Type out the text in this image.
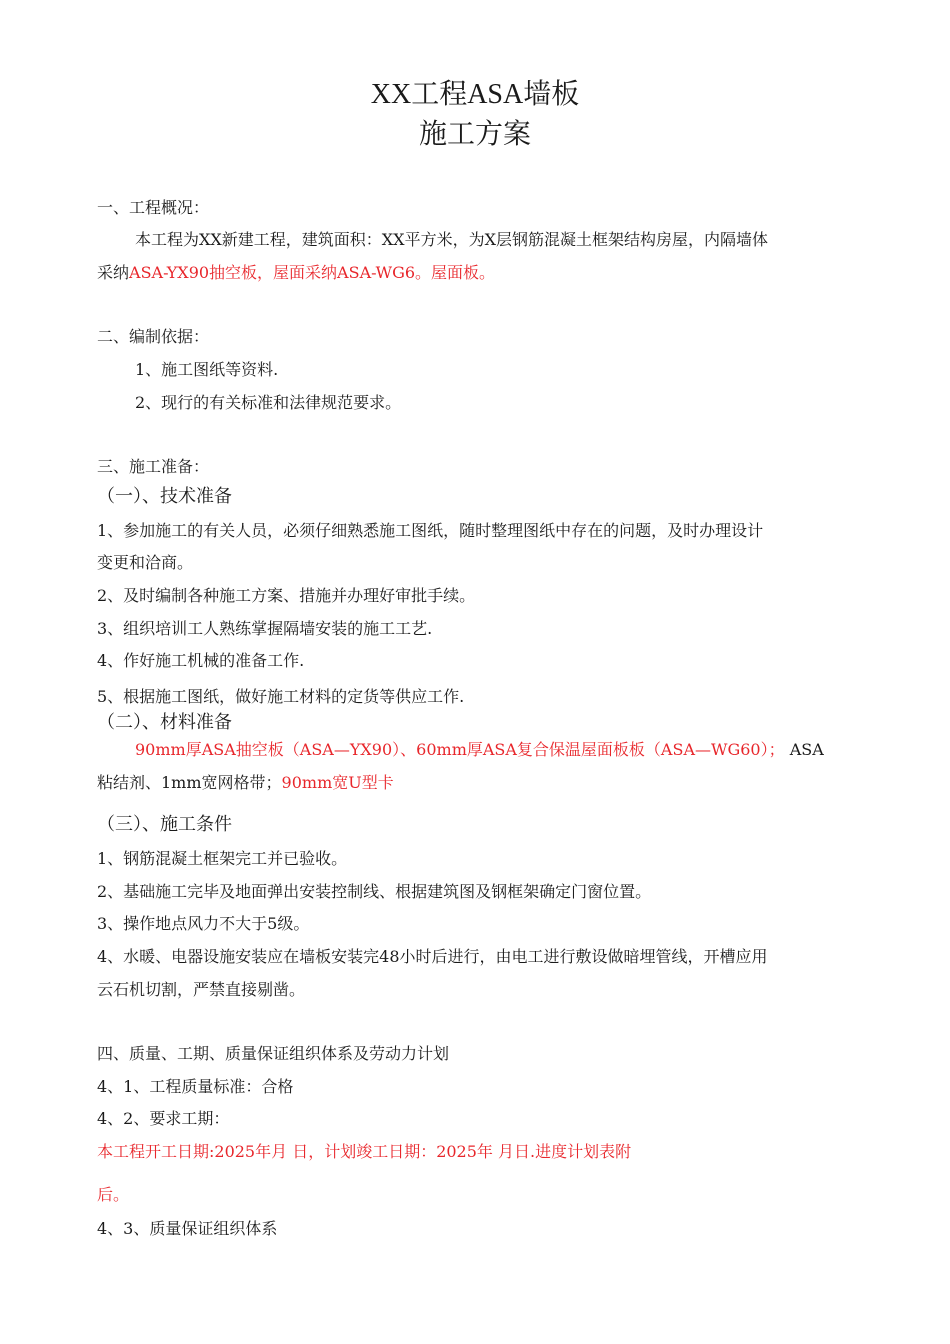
XX工程ASA墙板
施工方案
一、工程概况：
本工程为XX新建工程，建筑面积：XX平方米，为X层钢筋混凝土框架结构房屋，内隔墙体
采纳ASA-YX90抽空板，屋面采纳ASA-WG6。屋面板。
二、编制依据：
1、施工图纸等资料.
2、现行的有关标准和法律规范要求。
三、施工准备：
（一）、技术准备
1、参加施工的有关人员，必须仔细熟悉施工图纸，随时整理图纸中存在的问题，及时办理设计
变更和洽商。
2、及时编制各种施工方案、措施并办理好审批手续。
3、组织培训工人熟练掌握隔墙安装的施工工艺.
4、作好施工机械的准备工作.
5、根据施工图纸，做好施工材料的定货等供应工作.
（二）、材料准备
90mm厚ASA抽空板（ASA—YX90）、60mm厚ASA复合保温屋面板板（ASA—WG60）； ASA
粘结剂、1mm宽网格带；90mm宽U型卡
（三）、施工条件
1、钢筋混凝土框架完工并已验收。
2、基础施工完毕及地面弹出安装控制线、根据建筑图及钢框架确定门窗位置。
3、操作地点风力不大于5级。
4、水暖、电器设施安装应在墙板安装完48小时后进行，由电工进行敷设做暗埋管线，开槽应用
云石机切割，严禁直接剔凿。
四、质量、工期、质量保证组织体系及劳动力计划
4、1、工程质量标准：合格
4、2、要求工期：
本工程开工日期:2025年月 日，计划竣工日期：2025年 月日.进度计划表附
后。
4、3、质量保证组织体系
